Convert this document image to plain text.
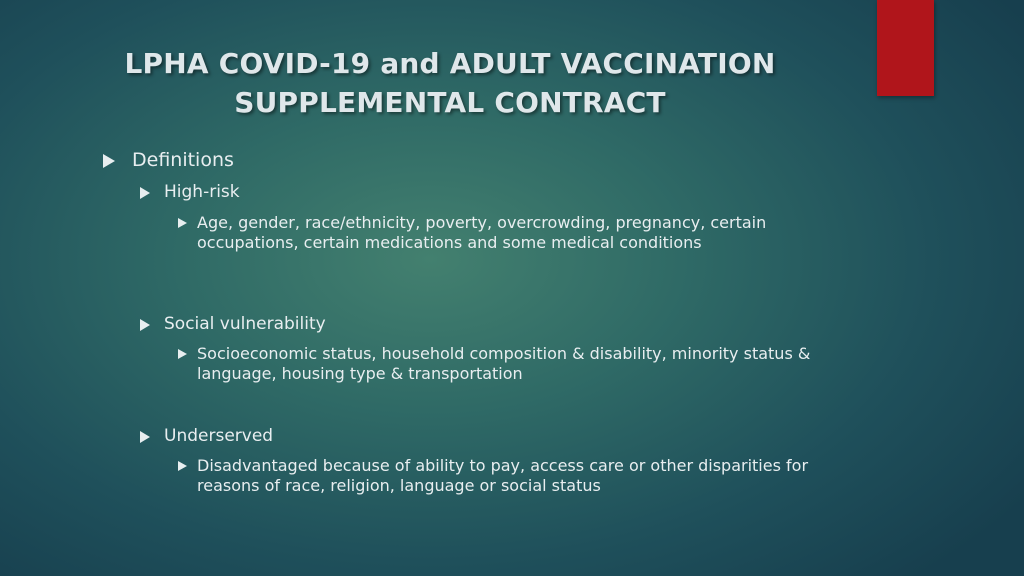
LPHA COVID-19 and ADULT VACCINATION
SUPPLEMENTAL CONTRACT
Definitions
High-risk
Age, gender, race/ethnicity, poverty, overcrowding, pregnancy, certain occupations, certain medications and some medical conditions
Social vulnerability
Socioeconomic status, household composition & disability, minority status & language, housing type & transportation
Underserved
Disadvantaged because of ability to pay, access care or other disparities for reasons of race, religion, language or social status
